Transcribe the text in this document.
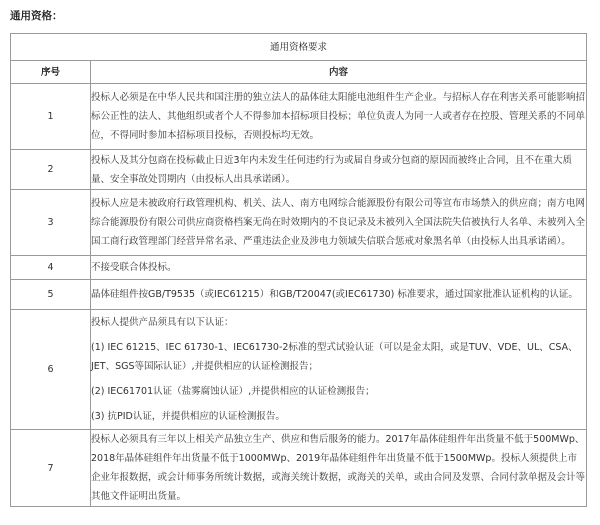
通用资格：
通用资格要求	
序号	内容
1	投标人必须是在中华人民共和国注册的独立法人的晶体硅太阳能电池组件生产企业。与招标人存在利害关系可能影响招标公正性的法人、其他组织或者个人不得参加本招标项目投标；单位负责人为同一人或者存在控股、管理关系的不同单位，不得同时参加本招标项目投标，否则投标均无效。

2	投标人及其分包商在投标截止日近3年内未发生任何违约行为或届自身或分包商的原因而被终止合同，且不在重大质量、安全事故处罚期内（由投标人出具承诺函）。

3	投标人应是未被政府行政管理机构、机关、法人、南方电网综合能源股份有限公司等宣布市场禁入的供应商；南方电网综合能源股份有限公司供应商资格档案无尚在时效期内的不良记录及未被列入全国法院失信被执行人名单、未被列入全国工商行政管理部门经营异常名录、严重违法企业及涉电力领域失信联合惩戒对象黑名单（由投标人出具承诺函）。

4	不接受联合体投标。

5	晶体硅组件按GB/T9535（或IEC61215）和GB/T20047(或IEC61730) 标准要求，通过国家批准认证机构的认证。

6	投标人提供产品须具有以下认证：
(1) IEC 61215、IEC 61730-1、IEC61730-2标准的型式试验认证（可以是金太阳，或是TUV、VDE、UL、CSA、JET、SGS等国际认证）,并提供相应的认证检测报告；
(2) IEC61701认证（盐雾腐蚀认证）,并提供相应的认证检测报告；
(3) 抗PID认证，并提供相应的认证检测报告。

7	投标人必须具有三年以上相关产品独立生产、供应和售后服务的能力。2017年晶体硅组件年出货量不低于500MWp、2018年晶体硅组件年出货量不低于1000MWp、2019年晶体硅组件年出货量不低于1500MWp。投标人须提供上市企业年报数据，或会计师事务所统计数据，或海关统计数据，或海关的关单，或由合同及发票、合同付款单据及会计等其他文件证明出货量。
